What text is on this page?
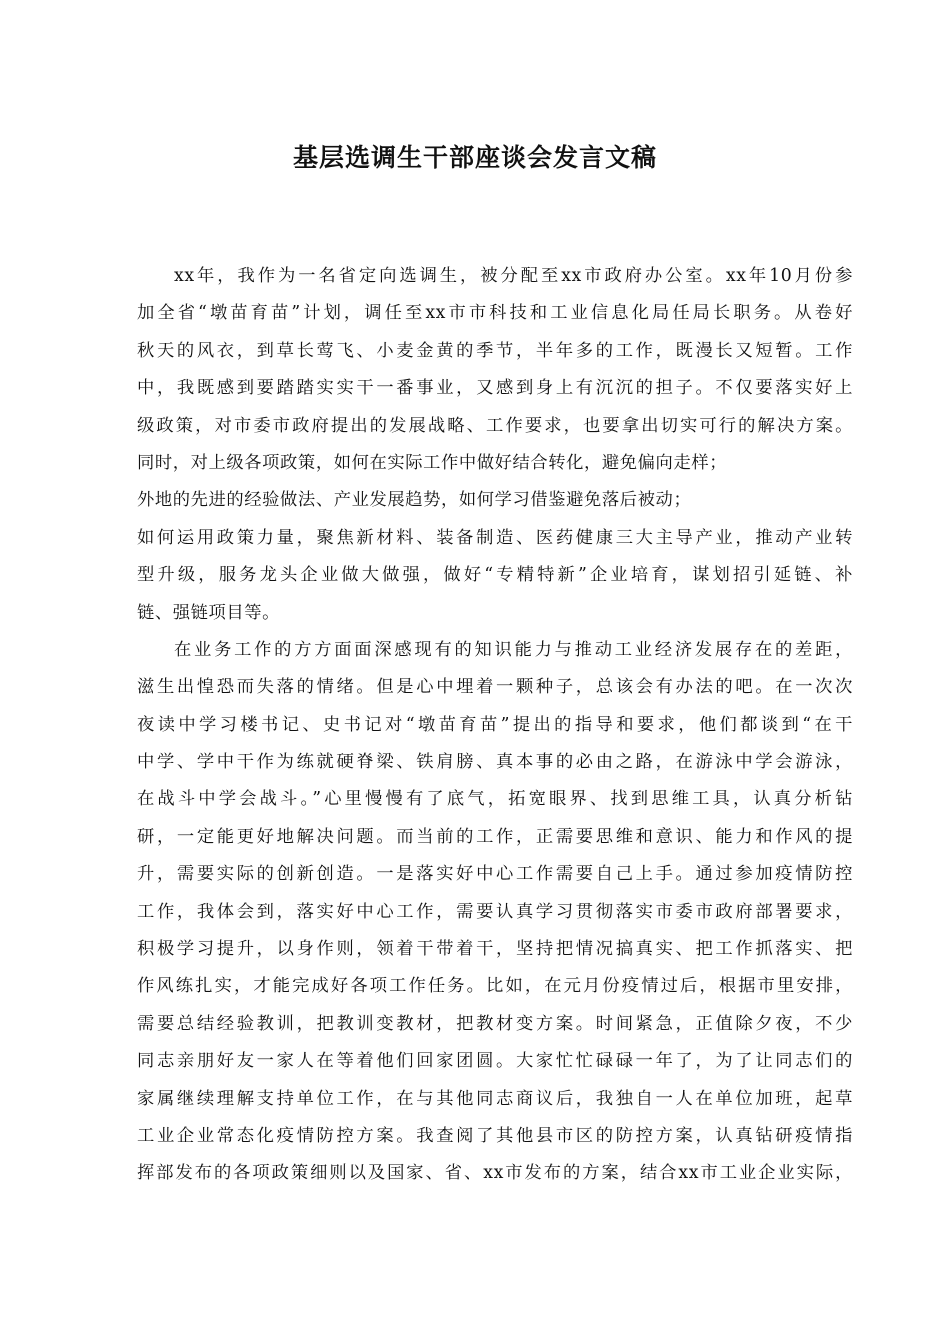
基层选调生干部座谈会发言文稿
xx年，我作为一名省定向选调生，被分配至xx市政府办公室。xx年10月份参
加全省“墩苗育苗”计划，调任至xx市市科技和工业信息化局任局长职务。从卷好
秋天的风衣，到草长莺飞、小麦金黄的季节，半年多的工作，既漫长又短暂。工作
中，我既感到要踏踏实实干一番事业，又感到身上有沉沉的担子。不仅要落实好上
级政策，对市委市政府提出的发展战略、工作要求，也要拿出切实可行的解决方案。
同时，对上级各项政策，如何在实际工作中做好结合转化，避免偏向走样；
外地的先进的经验做法、产业发展趋势，如何学习借鉴避免落后被动；
如何运用政策力量，聚焦新材料、装备制造、医药健康三大主导产业，推动产业转
型升级，服务龙头企业做大做强，做好“专精特新”企业培育，谋划招引延链、补
链、强链项目等。
在业务工作的方方面面深感现有的知识能力与推动工业经济发展存在的差距，
滋生出惶恐而失落的情绪。但是心中埋着一颗种子，总该会有办法的吧。在一次次
夜读中学习楼书记、史书记对“墩苗育苗”提出的指导和要求，他们都谈到“在干
中学、学中干作为练就硬脊梁、铁肩膀、真本事的必由之路，在游泳中学会游泳，
在战斗中学会战斗。”心里慢慢有了底气，拓宽眼界、找到思维工具，认真分析钻
研，一定能更好地解决问题。而当前的工作，正需要思维和意识、能力和作风的提
升，需要实际的创新创造。一是落实好中心工作需要自己上手。通过参加疫情防控
工作，我体会到，落实好中心工作，需要认真学习贯彻落实市委市政府部署要求，
积极学习提升，以身作则，领着干带着干，坚持把情况搞真实、把工作抓落实、把
作风练扎实，才能完成好各项工作任务。比如，在元月份疫情过后，根据市里安排，
需要总结经验教训，把教训变教材，把教材变方案。时间紧急，正值除夕夜，不少
同志亲朋好友一家人在等着他们回家团圆。大家忙忙碌碌一年了，为了让同志们的
家属继续理解支持单位工作，在与其他同志商议后，我独自一人在单位加班，起草
工业企业常态化疫情防控方案。我查阅了其他县市区的防控方案，认真钻研疫情指
挥部发布的各项政策细则以及国家、省、xx市发布的方案，结合xx市工业企业实际，
